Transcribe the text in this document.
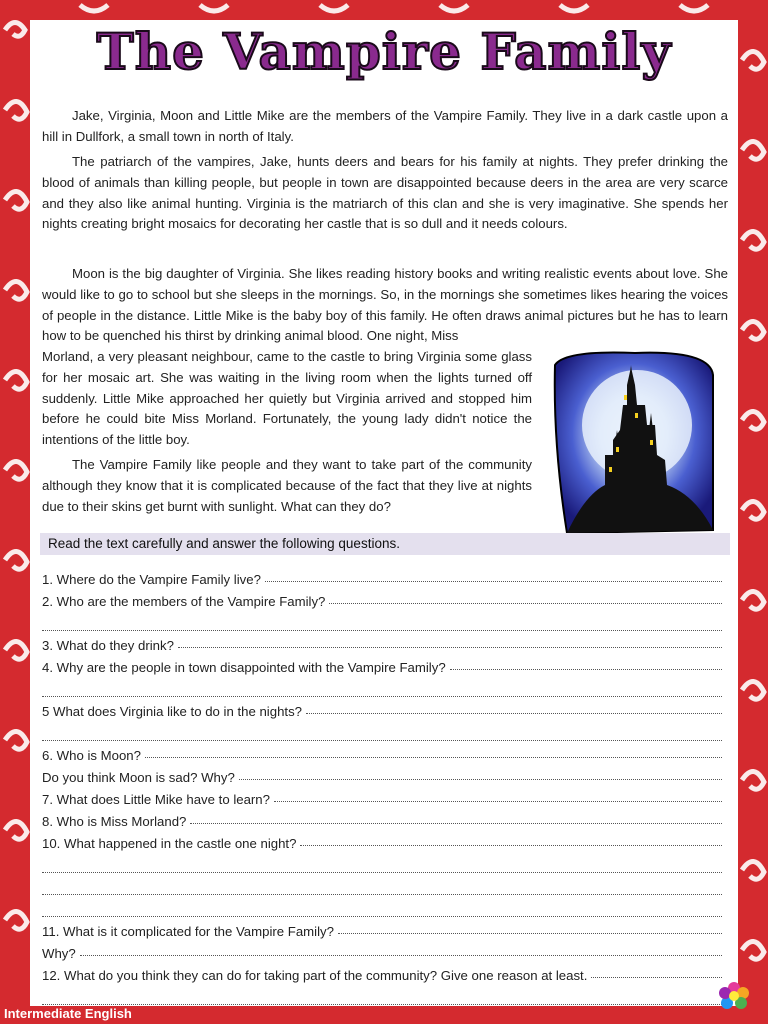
The Vampire Family

Jake, Virginia, Moon and Little Mike are the members of the Vampire Family. They live in a dark castle upon a hill in Dullfork, a small town in north of Italy.

The patriarch of the vampires, Jake, hunts deers and bears for his family at nights. They prefer drinking the blood of animals than killing people, but people in town are disappointed because deers in the area are very scarce and they also like animal hunting. Virginia is the matriarch of this clan and she is very imaginative. She spends her nights creating bright mosaics for decorating her castle that is so dull and it needs colours.

Moon is the big daughter of Virginia. She likes reading history books and writing realistic events about love. She would like to go to school but she sleeps in the mornings. So, in the mornings she sometimes likes hearing the voices of people in the distance. Little Mike is the baby boy of this family. He often draws animal pictures but he has to learn how to be quenched his thirst by drinking animal blood. One night, Miss

Morland, a very pleasant neighbour, came to the castle to bring Virginia some glass for her mosaic art. She was waiting in the living room when the lights turned off suddenly. Little Mike approached her quietly but Virginia arrived and stopped him before he could bite Miss Morland. Fortunately, the young lady didn't notice the intentions of the little boy.

The Vampire Family like people and they want to take part of the community although they know that it is complicated because of the fact that they live at nights due to their skins get burnt with sunlight. What can they do?

Read the text carefully and answer the following questions.
1. Where do the Vampire Family live?
2. Who are the members of the Vampire Family?
3. What do they drink?
4. Why are the people in town disappointed with the Vampire Family?
5 What does Virginia like to do in the nights?
6. Who is Moon?
Do you think Moon is sad? Why?
7. What does Little Mike have to learn?
8. Who is Miss Morland?
10. What happened in the castle one night?
11. What is it complicated for the Vampire Family?
Why?
12. What do you think they can do for taking part of the community? Give one reason at least.
Intermediate English
